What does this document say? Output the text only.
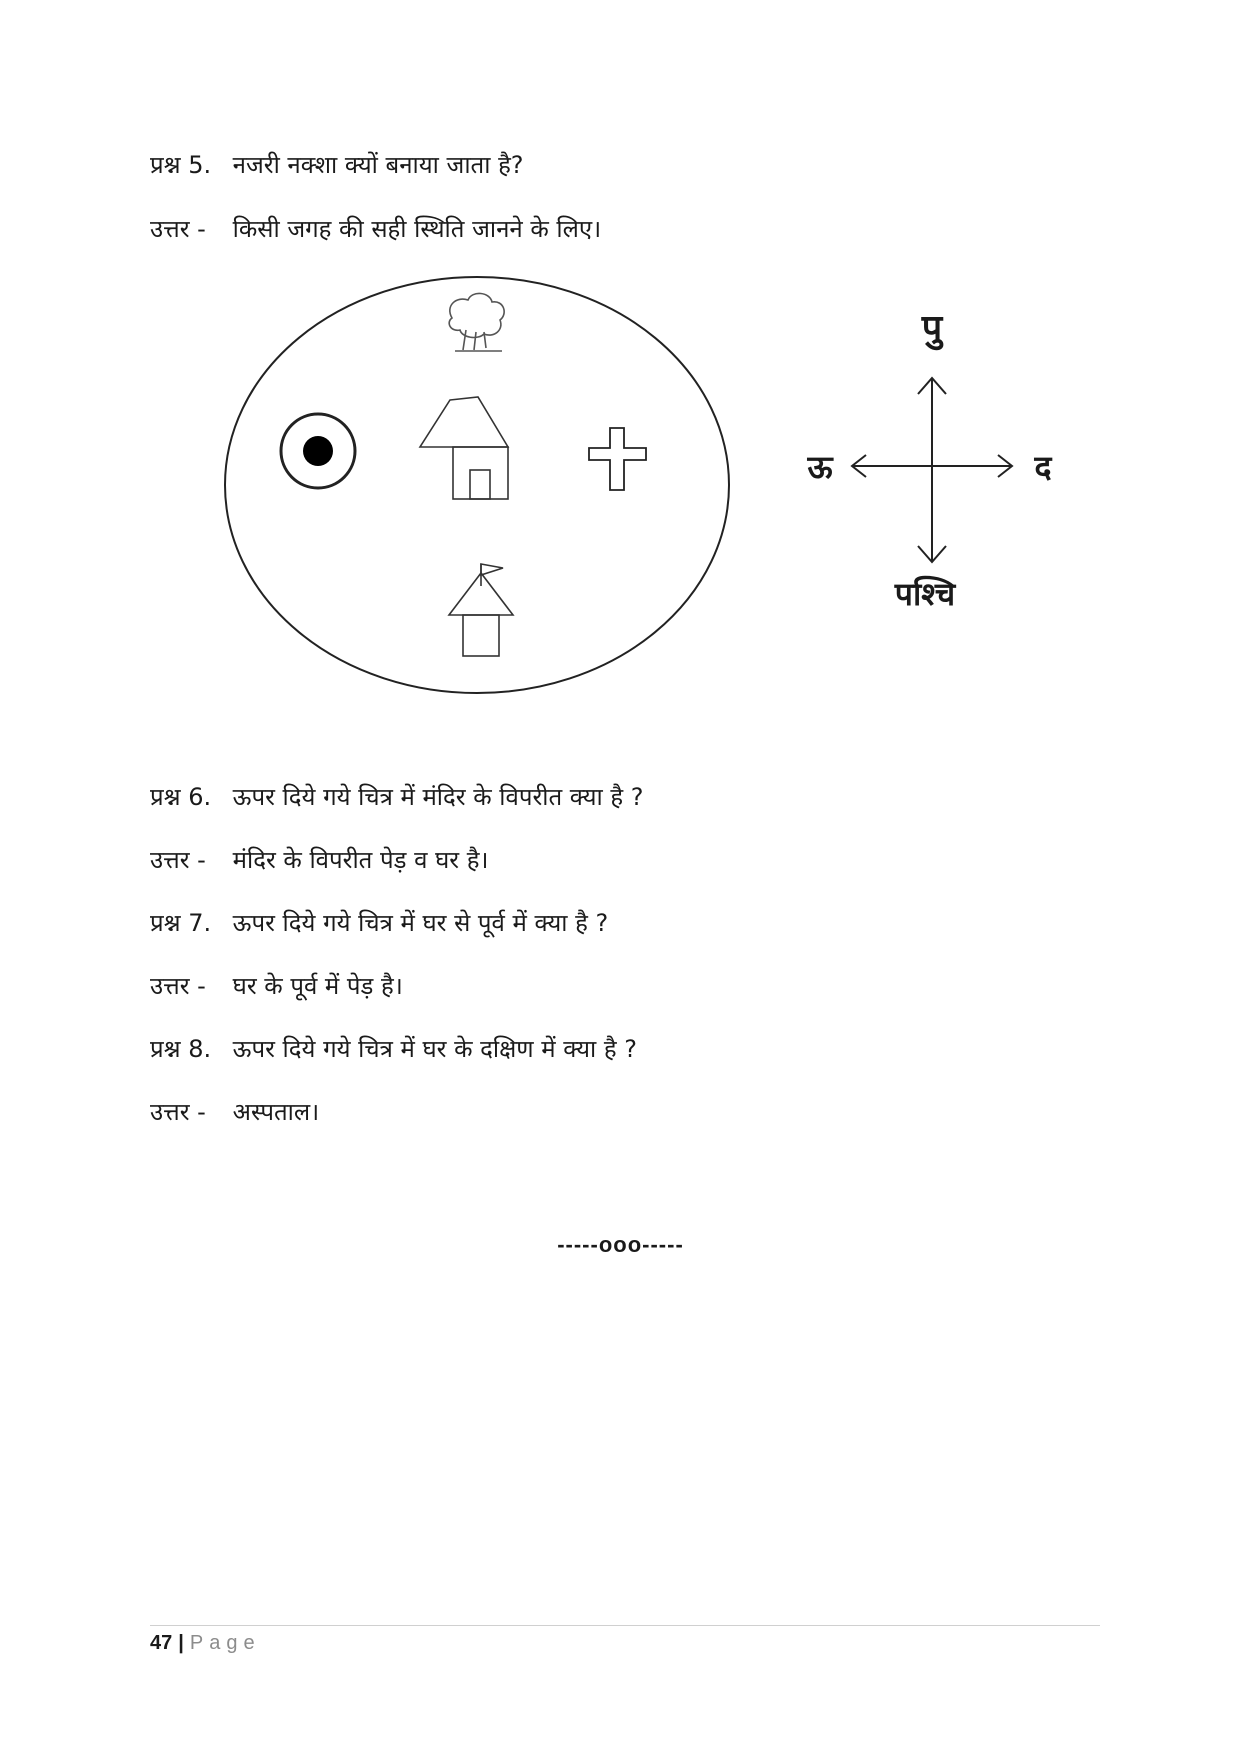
प्रश्न 5. नजरी नक्शा क्यों बनाया जाता है?
उत्तर - किसी जगह की सही स्थिति जानने के लिए।
पु
ऊ	द
पश्चि
प्रश्न 6. ऊपर दिये गये चित्र में मंदिर के विपरीत क्या है ?
उत्तर - मंदिर के विपरीत पेड़ व घर है।
प्रश्न 7. ऊपर दिये गये चित्र में घर से पूर्व में क्या है ?
उत्तर - घर के पूर्व में पेड़ है।
प्रश्न 8. ऊपर दिये गये चित्र में घर के दक्षिण में क्या है ?
उत्तर - अस्पताल।
-----ooo-----
47 | Page
